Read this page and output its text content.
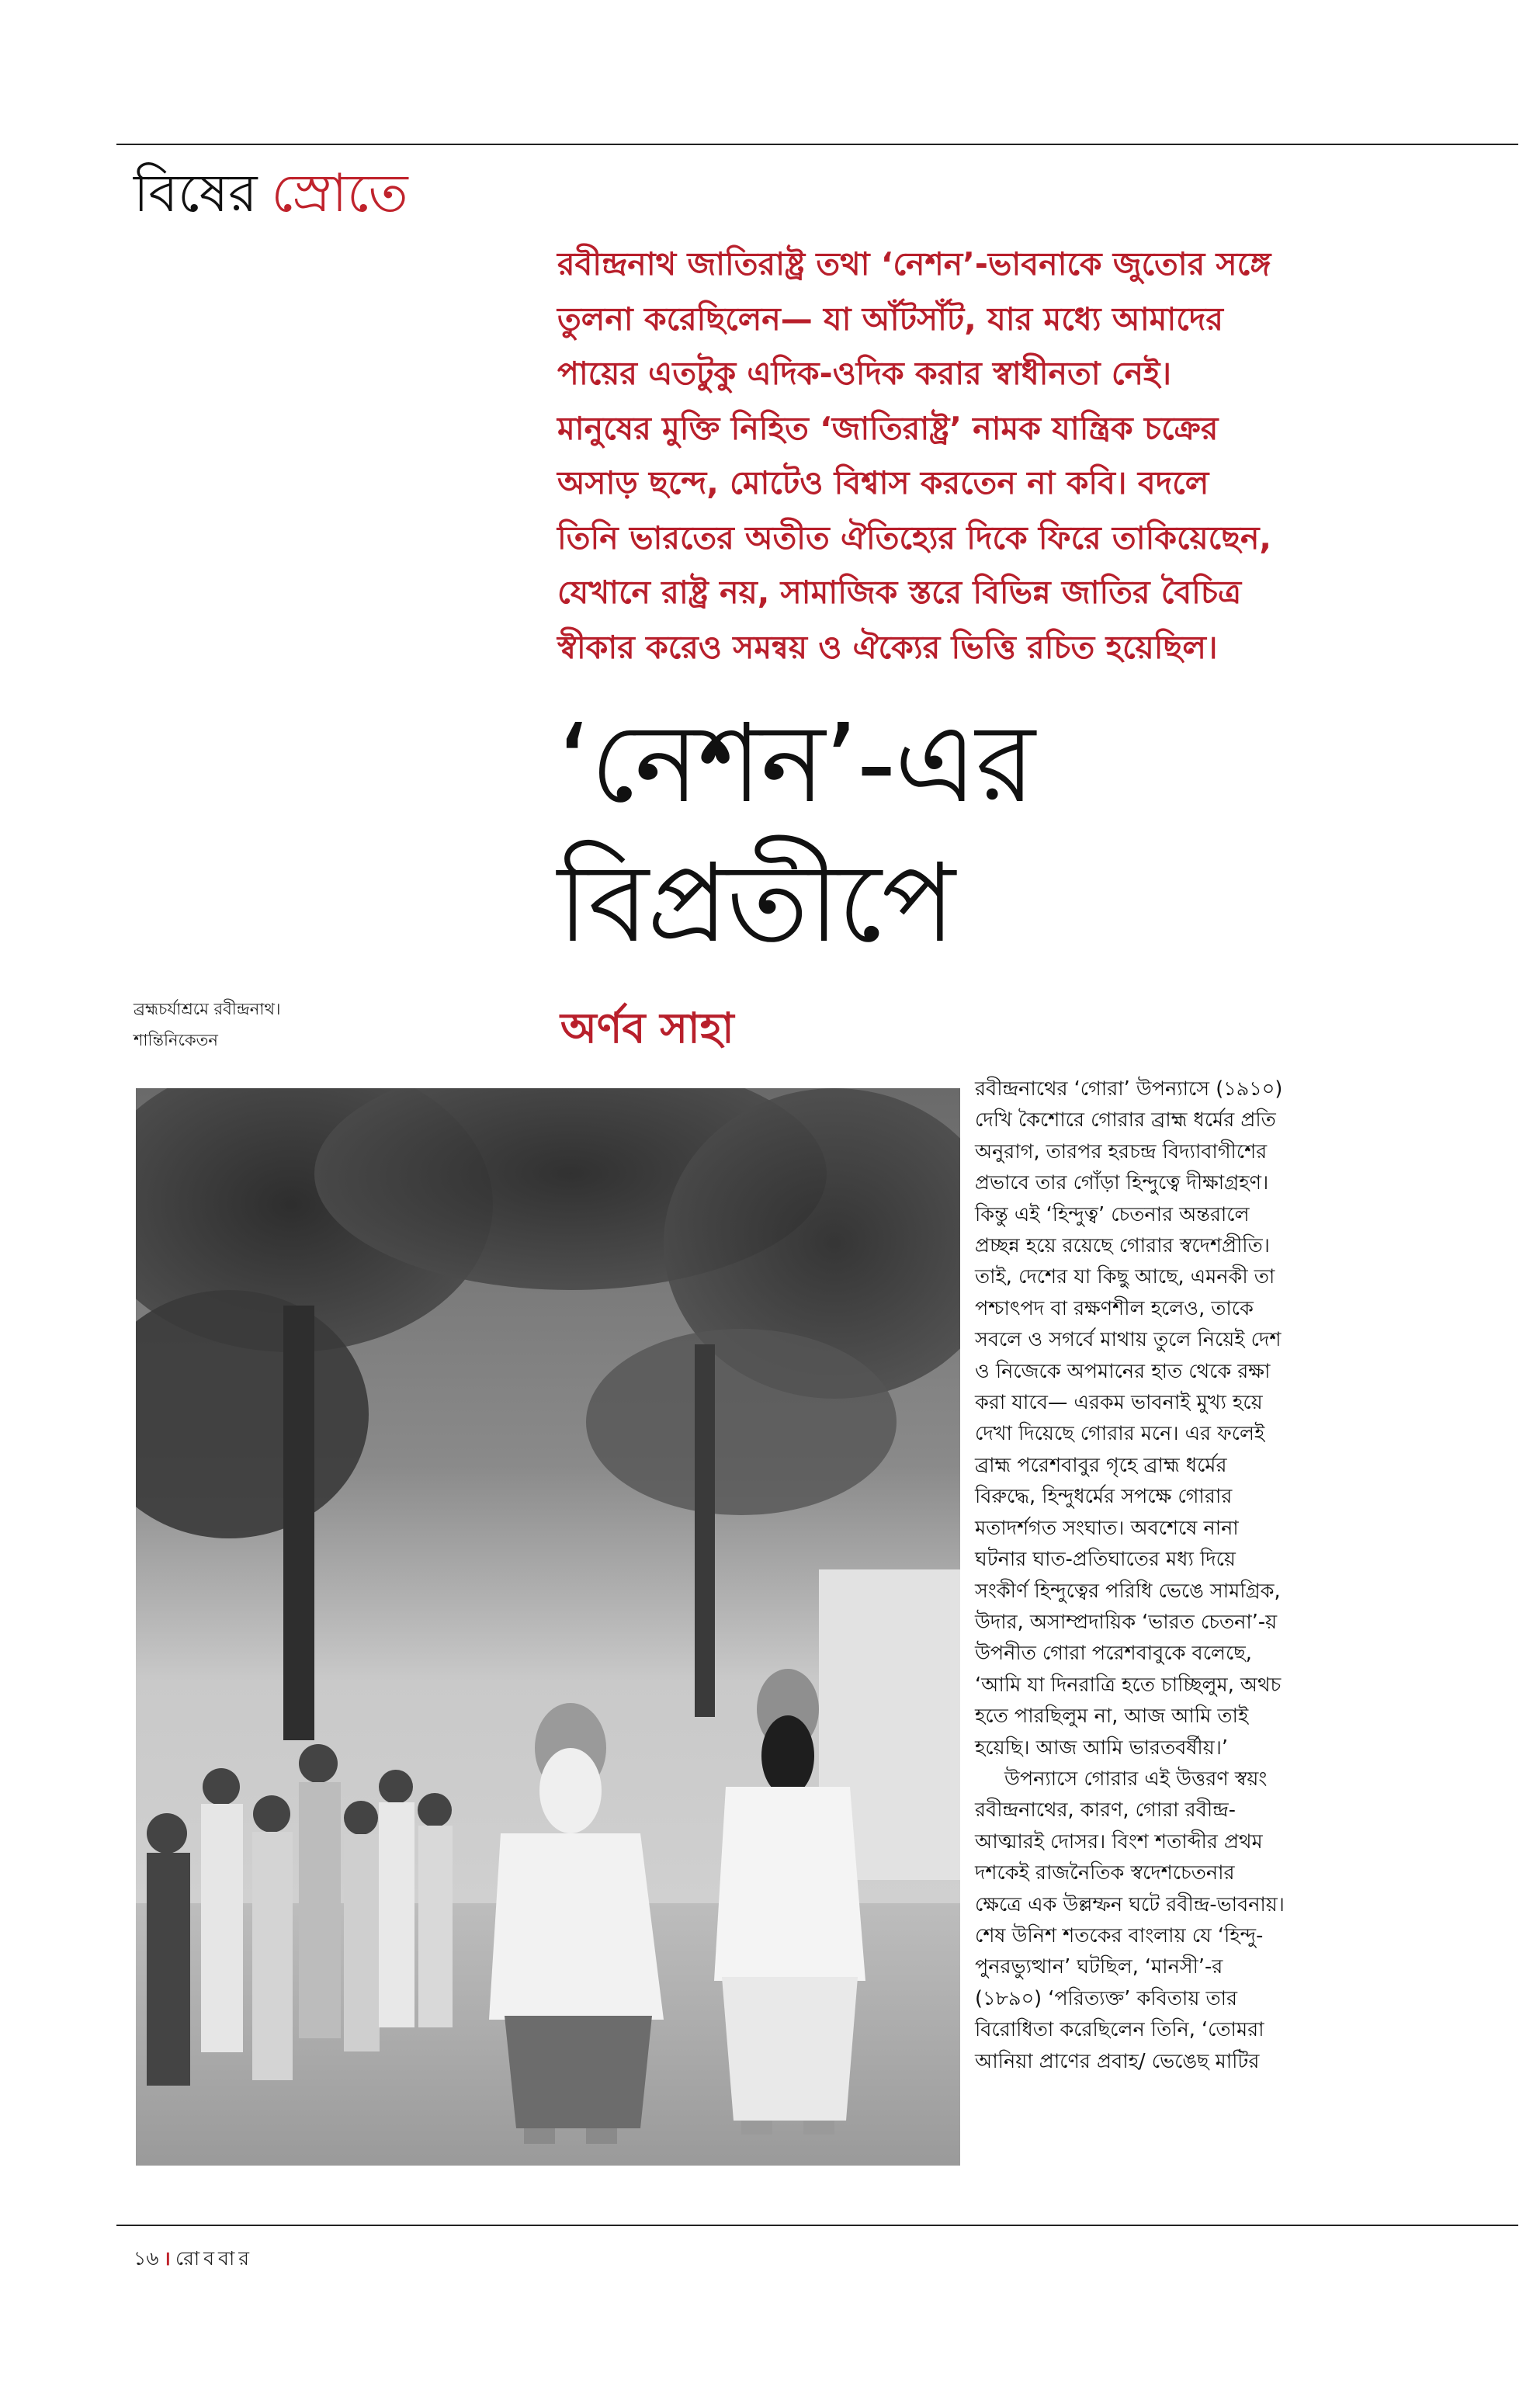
বিষের স্রোতে
রবীন্দ্রনাথ জাতিরাষ্ট্র তথা ‘নেশন’-ভাবনাকে জুতোর সঙ্গে
তুলনা করেছিলেন— যা আঁটসাঁট, যার মধ্যে আমাদের
পায়ের এতটুকু এদিক-ওদিক করার স্বাধীনতা নেই।
মানুষের মুক্তি নিহিত ‘জাতিরাষ্ট্র’ নামক যান্ত্রিক চক্রের
অসাড় ছন্দে, মোটেও বিশ্বাস করতেন না কবি। বদলে
তিনি ভারতের অতীত ঐতিহ্যের দিকে ফিরে তাকিয়েছেন,
যেখানে রাষ্ট্র নয়, সামাজিক স্তরে বিভিন্ন জাতির বৈচিত্র
স্বীকার করেও সমন্বয় ও ঐক্যের ভিত্তি রচিত হয়েছিল।
‘নেশন’-এর
বিপ্রতীপে
অর্ণব সাহা
ব্রহ্মচর্যাশ্রমে রবীন্দ্রনাথ।
শান্তিনিকেতন
রবীন্দ্রনাথের ‘গোরা’ উপন্যাসে (১৯১০)
দেখি কৈশোরে গোরার ব্রাহ্ম ধর্মের প্রতি
অনুরাগ, তারপর হরচন্দ্র বিদ্যাবাগীশের
প্রভাবে তার গোঁড়া হিন্দুত্বে দীক্ষাগ্রহণ।
কিন্তু এই ‘হিন্দুত্ব’ চেতনার অন্তরালে
প্রচ্ছন্ন হয়ে রয়েছে গোরার স্বদেশপ্রীতি।
তাই, দেশের যা কিছু আছে, এমনকী তা
পশ্চাৎপদ বা রক্ষণশীল হলেও, তাকে
সবলে ও সগর্বে মাথায় তুলে নিয়েই দেশ
ও নিজেকে অপমানের হাত থেকে রক্ষা
করা যাবে— এরকম ভাবনাই মুখ্য হয়ে
দেখা দিয়েছে গোরার মনে। এর ফলেই
ব্রাহ্ম পরেশবাবুর গৃহে ব্রাহ্ম ধর্মের
বিরুদ্ধে, হিন্দুধর্মের সপক্ষে গোরার
মতাদর্শগত সংঘাত। অবশেষে নানা
ঘটনার ঘাত-প্রতিঘাতের মধ্য দিয়ে
সংকীর্ণ হিন্দুত্বের পরিধি ভেঙে সামগ্রিক,
উদার, অসাম্প্রদায়িক ‘ভারত চেতনা’-য়
উপনীত গোরা পরেশবাবুকে বলেছে,
‘আমি যা দিনরাত্রি হতে চাচ্ছিলুম, অথচ
হতে পারছিলুম না, আজ আমি তাই
হয়েছি। আজ আমি ভারতবর্ষীয়।’
উপন্যাসে গোরার এই উত্তরণ স্বয়ং
রবীন্দ্রনাথের, কারণ, গোরা রবীন্দ্র-
আত্মারই দোসর। বিংশ শতাব্দীর প্রথম
দশকেই রাজনৈতিক স্বদেশচেতনার
ক্ষেত্রে এক উল্লম্ফন ঘটে রবীন্দ্র-ভাবনায়।
শেষ উনিশ শতকের বাংলায় যে ‘হিন্দু-
পুনরভ্যুত্থান’ ঘটছিল, ‘মানসী’-র
(১৮৯০) ‘পরিত্যক্ত’ কবিতায় তার
বিরোধিতা করেছিলেন তিনি, ‘তোমরা
আনিয়া প্রাণের প্রবাহ/ ভেঙেছ মাটির
১৬ । রোববার
